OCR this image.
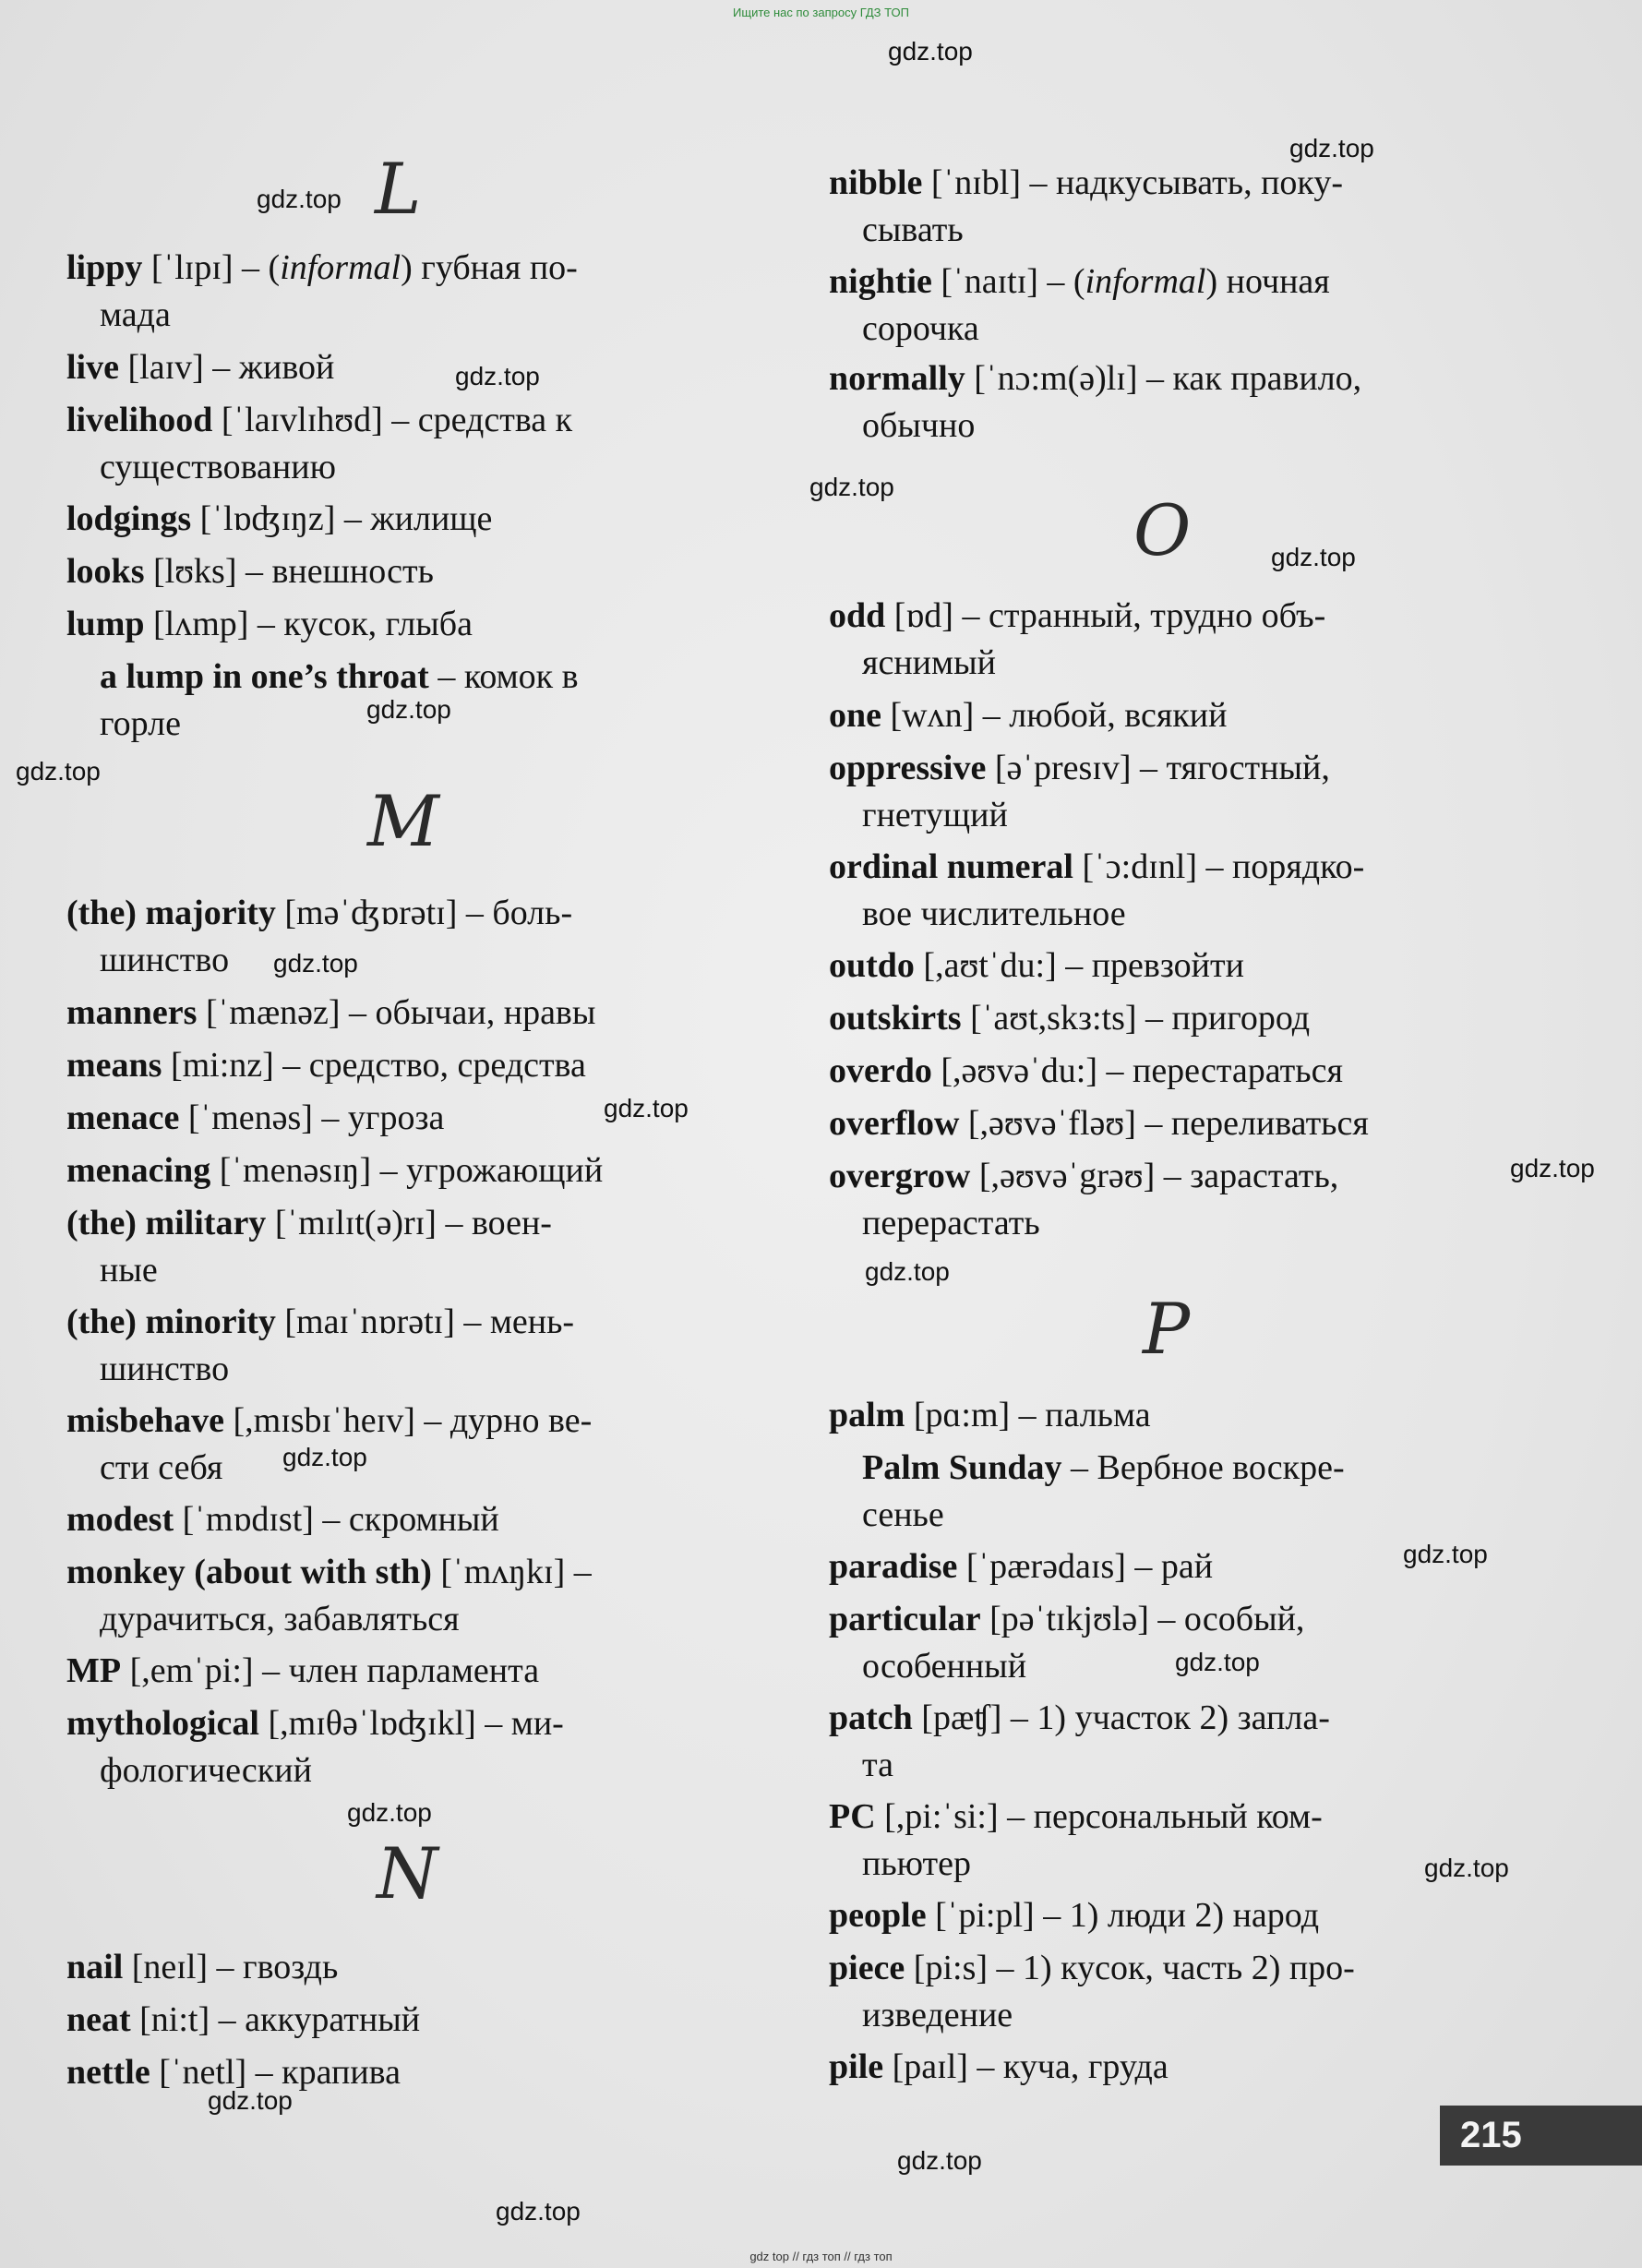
Ищите нас по запросу ГДЗ ТОП
L
lippy [ˈlɪpɪ] – (informal) губная по-
мада
live [laɪv] – живой
livelihood [ˈlaɪvlɪhʊd] – средства к
существованию
lodgings [ˈlɒʤɪŋz] – жилище
looks [lʊks] – внешность
lump [lʌmp] – кусок, глыба
a lump in one’s throat – комок в
горле
M
(the) majority [məˈʤɒrətɪ] – боль-
шинство
manners [ˈmænəz] – обычаи, нравы
means [mi:nz] – средство, средства
menace [ˈmenəs] – угроза
menacing [ˈmenəsɪŋ] – угрожающий
(the) military [ˈmɪlɪt(ə)rɪ] – воен-
ные
(the) minority [maɪˈnɒrətɪ] – мень-
шинство
misbehave [,mɪsbɪˈheɪv] – дурно ве-
сти себя
modest [ˈmɒdɪst] – скромный
monkey (about with sth) [ˈmʌŋkɪ] –
дурачиться, забавляться
MP [,emˈpi:] – член парламента
mythological [,mɪθəˈlɒʤɪkl] – ми-
фологический
N
nail [neɪl] – гвоздь
neat [ni:t] – аккуратный
nettle [ˈnetl] – крапива
nibble [ˈnɪbl] – надкусывать, поку-
сывать
nightie [ˈnaɪtɪ] – (informal) ночная
сорочка
normally [ˈnɔ:m(ə)lɪ] – как правило,
обычно
O
odd [ɒd] – странный, трудно объ-
яснимый
one [wʌn] – любой, всякий
oppressive [əˈpresɪv] – тягостный,
гнетущий
ordinal numeral [ˈɔ:dɪnl] – порядко-
вое числительное
outdo [,aʊtˈdu:] – превзойти
outskirts [ˈaʊt,skз:ts] – пригород
overdo [,əʊvəˈdu:] – перестараться
overflow [,əʊvəˈfləʊ] – переливаться
overgrow [,əʊvəˈgrəʊ] – зарастать,
перерастать
P
palm [pɑ:m] – пальма
Palm Sunday – Вербное воскре-
сенье
paradise [ˈpærədaɪs] – рай
particular [pəˈtɪkjʊlə] – особый,
особенный
patch [pæʧ] – 1) участок 2) запла-
та
PC [,pi:ˈsi:] – персональный ком-
пьютер
people [ˈpi:pl] – 1) люди 2) народ
piece [pi:s] – 1) кусок, часть 2) про-
изведение
pile [paɪl] – куча, груда
gdz.top
gdz.top
gdz.top
gdz.top
gdz.top
gdz.top
gdz.top
gdz.top
gdz.top
gdz.top
gdz.top
gdz.top
gdz.top
gdz.top
gdz.top
gdz.top
gdz.top
gdz.top
gdz.top
gdz.top
215
gdz top // гдз топ // гдз топ
